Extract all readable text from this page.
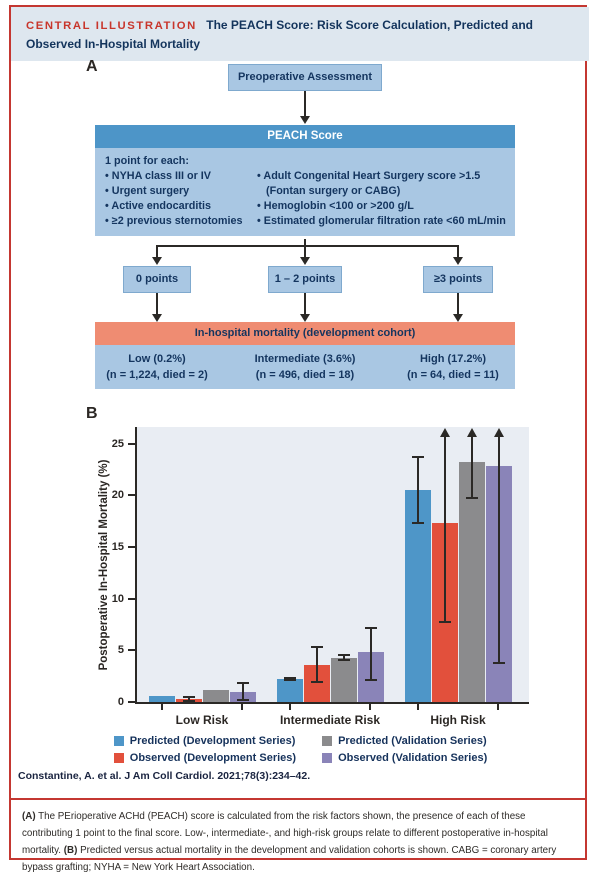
CENTRAL ILLUSTRATION The PEACH Score: Risk Score Calculation, Predicted and Observed In-Hospital Mortality
A
Preoperative Assessment
PEACH Score
1 point for each:
• NYHA class III or IV
• Urgent surgery
• Active endocarditis
• ≥2 previous sternotomies
• Adult Congenital Heart Surgery score >1.5 (Fontan surgery or CABG)
• Hemoglobin <100 or >200 g/L
• Estimated glomerular filtration rate <60 mL/min
0 points	1 – 2 points	≥3 points
In-hospital mortality (development cohort)
Low (0.2%)
(n = 1,224, died = 2)
Intermediate (3.6%)
(n = 496, died = 18)
High (17.2%)
(n = 64, died = 11)
B
Postoperative In-Hospital Mortality (%)
0
5
10
15
20
25
Low Risk	Intermediate Risk	High Risk
Predicted (Development Series)
Observed (Development Series)
Predicted (Validation Series)
Observed (Validation Series)
Constantine, A. et al. J Am Coll Cardiol. 2021;78(3):234–42.
(A) The PErioperative ACHd (PEACH) score is calculated from the risk factors shown, the presence of each of these contributing 1 point to the final score. Low-, intermediate-, and high-risk groups relate to different postoperative in-hospital mortality. (B) Predicted versus actual mortality in the development and validation cohorts is shown. CABG = coronary artery bypass grafting; NYHA = New York Heart Association.
